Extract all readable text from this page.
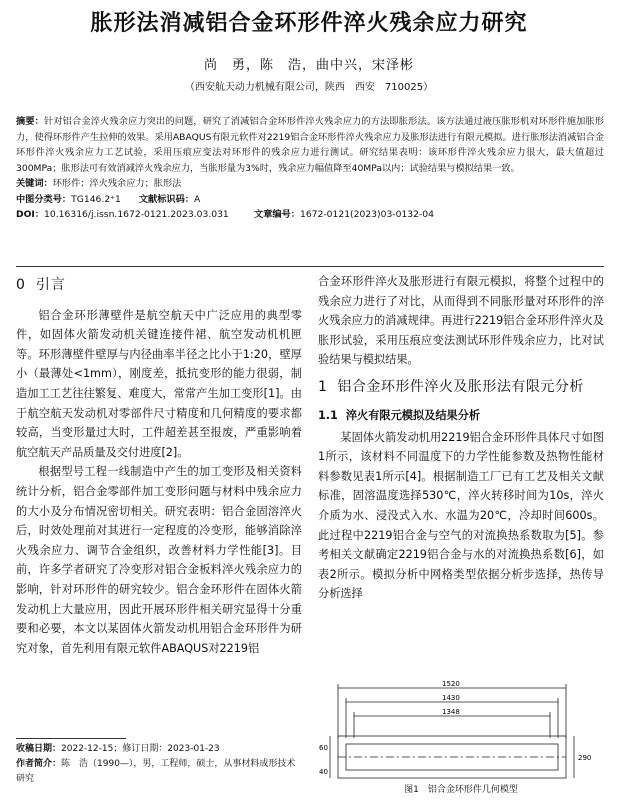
胀形法消减铝合金环形件淬火残余应力研究
尚　勇，陈　浩，曲中兴，宋泽彬
（西安航天动力机械有限公司，陕西　西安　710025）

摘要：针对铝合金淬火残余应力突出的问题，研究了消减铝合金环形件淬火残余应力的方法即胀形法。该方法通过液压胀形机对环形件施加胀形力，使得环形件产生拉伸的效果。采用ABAQUS有限元软件对2219铝合金环形件淬火残余应力及胀形法进行有限元模拟。进行胀形法消减铝合金环形件淬火残余应力工艺试验，采用压痕应变法对环形件的残余应力进行测试。研究结果表明：该环形件淬火残余应力很大，最大值超过300MPa；胀形法可有效消减淬火残余应力，当胀形量为3%时，残余应力幅值降至40MPa以内；试验结果与模拟结果一致。

关键词：环形件；淬火残余应力；胀形法

中图分类号：TG146.2⁺1 文献标识码：A

DOI：10.16316/j.issn.1672-0121.2023.03.031	文章编号：1672-0121(2023)03-0132-04

0 引言

铝合金环形薄壁件是航空航天中广泛应用的典型零件，如固体火箭发动机关键连接件裙、航空发动机机匣等。环形薄壁件壁厚与内径曲率半径之比小于1:20，壁厚小（最薄处<1mm），刚度差，抵抗变形的能力很弱，制造加工工艺往往繁复、难度大，常常产生加工变形[1]。由于航空航天发动机对零部件尺寸精度和几何精度的要求都较高，当变形量过大时，工件超差甚至报废，严重影响着航空航天产品质量及交付进度[2]。

根据型号工程一线制造中产生的加工变形及相关资料统计分析，铝合金零部件加工变形问题与材料中残余应力的大小及分布情况密切相关。研究表明：铝合金固溶淬火后，时效处理前对其进行一定程度的冷变形，能够消除淬火残余应力、调节合金组织，改善材料力学性能[3]。目前，许多学者研究了冷变形对铝合金板料淬火残余应力的影响，针对环形件的研究较少。铝合金环形件在固体火箭发动机上大量应用，因此开展环形件相关研究显得十分重要和必要，本文以某固体火箭发动机用铝合金环形件为研究对象，首先利用有限元软件ABAQUS对2219铝

合金环形件淬火及胀形进行有限元模拟，将整个过程中的残余应力进行了对比，从而得到不同胀形量对环形件的淬火残余应力的消减规律。再进行2219铝合金环形件淬火及胀形试验，采用压痕应变法测试环形件残余应力，比对试验结果与模拟结果。

1 铝合金环形件淬火及胀形法有限元分析
1.1 淬火有限元模拟及结果分析

某固体火箭发动机用2219铝合金环形件具体尺寸如图1所示，该材料不同温度下的力学性能参数及热物性能材料参数见表1所示[4]。根据制造工厂已有工艺及相关文献标准，固溶温度选择530℃，淬火转移时间为10s，淬火介质为水、浸没式入水、水温为20℃，冷却时间600s。此过程中2219铝合金与空气的对流换热系数取为[5]。参考相关文献确定2219铝合金与水的对流换热系数[6]，如表2所示。模拟分析中网格类型依据分析步选择，热传导分析选择

收稿日期：2022-12-15；修订日期：2023-01-23
作者简介：陈　浩（1990—），男，工程师，硕士，从事材料成形技术研究
1520
1430
1348
60
40
290
图1　铝合金环形件几何模型
